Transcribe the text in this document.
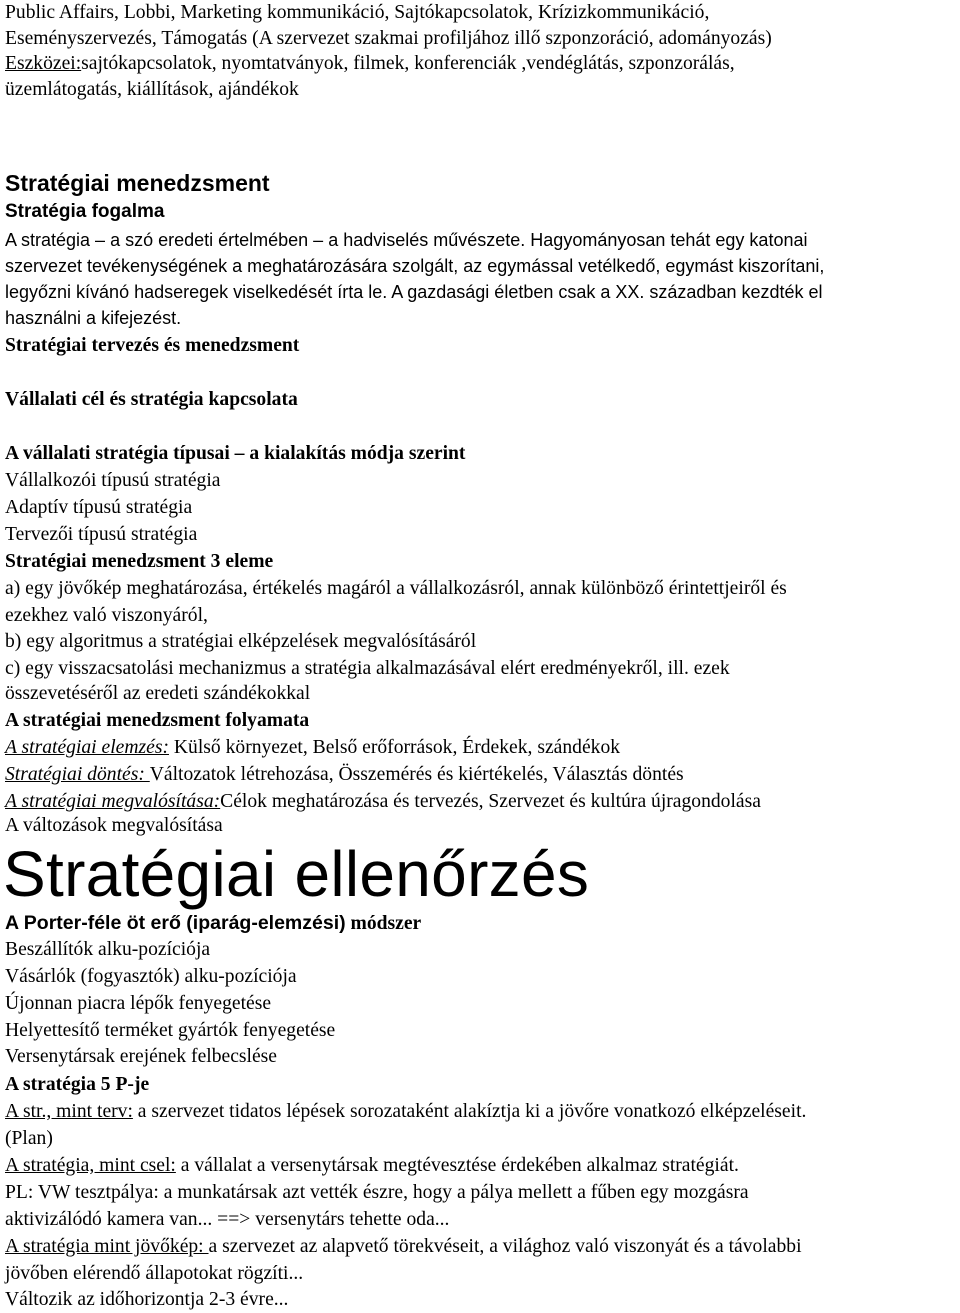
Public Affairs, Lobbi, Marketing kommunikáció, Sajtókapcsolatok, Krízizkommunikáció,
Eseményszervezés, Támogatás (A szervezet szakmai profiljához illő szponzoráció, adományozás)
Eszközei:sajtókapcsolatok, nyomtatványok, filmek, konferenciák ,vendéglátás, szponzorálás,
üzemlátogatás, kiállítások, ajándékok
Stratégiai menedzsment
Stratégia fogalma
A stratégia – a szó eredeti értelmében – a hadviselés művészete. Hagyományosan tehát egy katonai
szervezet tevékenységének a meghatározására szolgált, az egymással vetélkedő, egymást kiszorítani,
legyőzni kívánó hadseregek viselkedését írta le. A gazdasági életben csak a XX. században kezdték el
használni a kifejezést.
Stratégiai tervezés és menedzsment
Vállalati cél és stratégia kapcsolata
A vállalati stratégia típusai – a kialakítás módja szerint
Vállalkozói típusú stratégia
Adaptív típusú stratégia
Tervezői típusú stratégia
Stratégiai menedzsment 3 eleme
a) egy jövőkép meghatározása, értékelés magáról a vállalkozásról, annak különböző érintettjeiről és
ezekhez való viszonyáról,
b) egy algoritmus a stratégiai elképzelések megvalósításáról
c) egy visszacsatolási mechanizmus a stratégia alkalmazásával elért eredményekről, ill. ezek
összevetéséről az eredeti szándékokkal
A stratégiai menedzsment folyamata
A stratégiai elemzés: Külső környezet, Belső erőforrások, Érdekek, szándékok
Stratégiai döntés: Változatok létrehozása, Összemérés és kiértékelés, Választás döntés
A stratégiai megvalósítása:Célok meghatározása és tervezés, Szervezet és kultúra újragondolása
A változások megvalósítása
Stratégiai ellenőrzés
A Porter-féle öt erő (iparág-elemzési) módszer
Beszállítók alku-pozíciója
Vásárlók (fogyasztók) alku-pozíciója
Újonnan piacra lépők fenyegetése
Helyettesítő terméket gyártók fenyegetése
Versenytársak erejének felbecslése
A stratégia 5 P-je
A str., mint terv: a szervezet tidatos lépések sorozataként alakíztja ki a jövőre vonatkozó elképzeléseit.
(Plan)
A stratégia, mint csel: a vállalat a versenytársak megtévesztése érdekében alkalmaz stratégiát.
PL: VW tesztpálya: a munkatársak azt vették észre, hogy a pálya mellett a fűben egy mozgásra
aktivizálódó kamera van... ==> versenytárs tehette oda...
A stratégia mint jövőkép: a szervezet az alapvető törekvéseit, a világhoz való viszonyát és a távolabbi
jövőben elérendő állapotokat rögzíti...
Változik az időhorizontja 2-3 évre...
